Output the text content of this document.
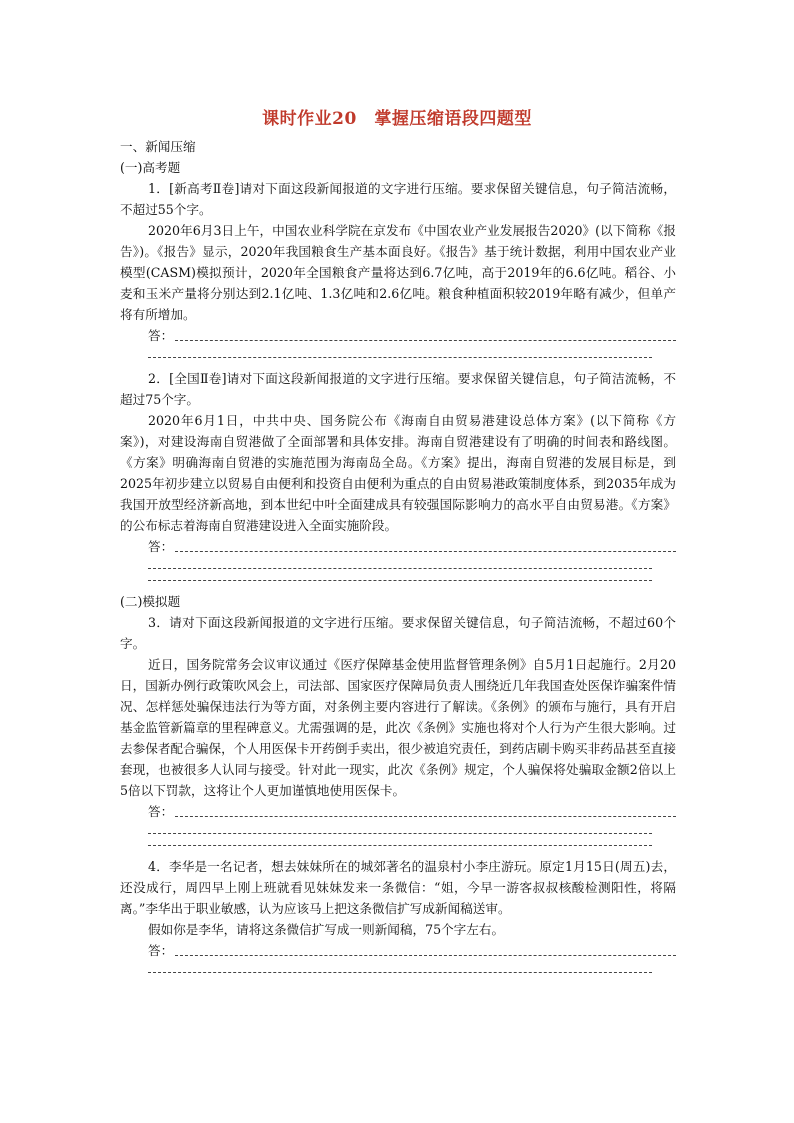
课时作业20　掌握压缩语段四题型
一、新闻压缩
(一)高考题
1．[新高考Ⅱ卷]请对下面这段新闻报道的文字进行压缩。要求保留关键信息，句子简洁流畅，不超过55个字。
2020年6月3日上午，中国农业科学院在京发布《中国农业产业发展报告2020》(以下简称《报告》)。《报告》显示，2020年我国粮食生产基本面良好。《报告》基于统计数据，利用中国农业产业模型(CASM)模拟预计，2020年全国粮食产量将达到6.7亿吨，高于2019年的6.6亿吨。稻谷、小麦和玉米产量将分别达到2.1亿吨、1.3亿吨和2.6亿吨。粮食种植面积较2019年略有减少，但单产将有所增加。
答：
2．[全国Ⅱ卷]请对下面这段新闻报道的文字进行压缩。要求保留关键信息，句子简洁流畅，不超过75个字。
2020年6月1日，中共中央、国务院公布《海南自由贸易港建设总体方案》(以下简称《方案》)，对建设海南自贸港做了全面部署和具体安排。海南自贸港建设有了明确的时间表和路线图。《方案》明确海南自贸港的实施范围为海南岛全岛。《方案》提出，海南自贸港的发展目标是，到2025年初步建立以贸易自由便利和投资自由便利为重点的自由贸易港政策制度体系，到2035年成为我国开放型经济新高地，到本世纪中叶全面建成具有较强国际影响力的高水平自由贸易港。《方案》的公布标志着海南自贸港建设进入全面实施阶段。
答：
(二)模拟题
3．请对下面这段新闻报道的文字进行压缩。要求保留关键信息，句子简洁流畅，不超过60个字。
近日，国务院常务会议审议通过《医疗保障基金使用监督管理条例》自5月1日起施行。2月20日，国新办例行政策吹风会上，司法部、国家医疗保障局负责人围绕近几年我国查处医保诈骗案件情况、怎样惩处骗保违法行为等方面，对条例主要内容进行了解读。《条例》的颁布与施行，具有开启基金监管新篇章的里程碑意义。尤需强调的是，此次《条例》实施也将对个人行为产生很大影响。过去参保者配合骗保，个人用医保卡开药倒手卖出，很少被追究责任，到药店刷卡购买非药品甚至直接套现，也被很多人认同与接受。针对此一现实，此次《条例》规定，个人骗保将处骗取金额2倍以上5倍以下罚款，这将让个人更加谨慎地使用医保卡。
答：
4．李华是一名记者，想去妹妹所在的城郊著名的温泉村小李庄游玩。原定1月15日(周五)去，还没成行，周四早上刚上班就看见妹妹发来一条微信：“姐，今早一游客叔叔核酸检测阳性，将隔离。”李华出于职业敏感，认为应该马上把这条微信扩写成新闻稿送审。
假如你是李华，请将这条微信扩写成一则新闻稿，75个字左右。
答：
